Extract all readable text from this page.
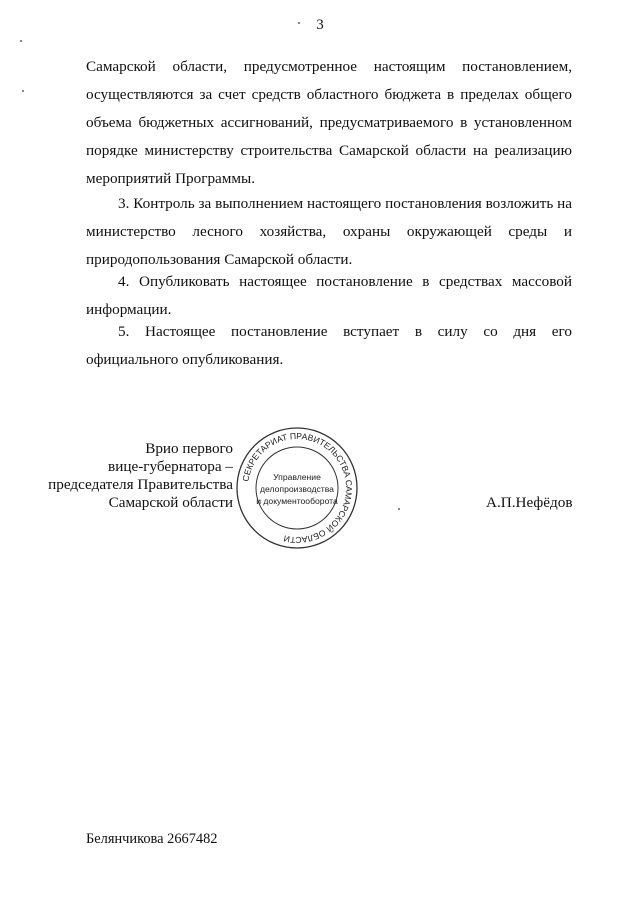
3

Самарской области, предусмотренное настоящим постановлением, осуществляются за счет средств областного бюджета в пределах общего объема бюджетных ассигнований, предусматриваемого в установленном порядке министерству строительства Самарской области на реализацию мероприятий Программы.

3. Контроль за выполнением настоящего постановления возложить на министерство лесного хозяйства, охраны окружающей среды и природопользования Самарской области.

4. Опубликовать настоящее постановление в средствах массовой информации.

5. Настоящее постановление вступает в силу со дня его официального опубликования.

СЕКРЕТАРИАТ ПРАВИТЕЛЬСТВА САМАРСКОЙ ОБЛАСТИ
Управление
делопроизводства
и документооборота
Врио первого
вице-губернатора –
председателя Правительства
Самарской области	А.П.Нефёдов
Белянчикова 2667482
